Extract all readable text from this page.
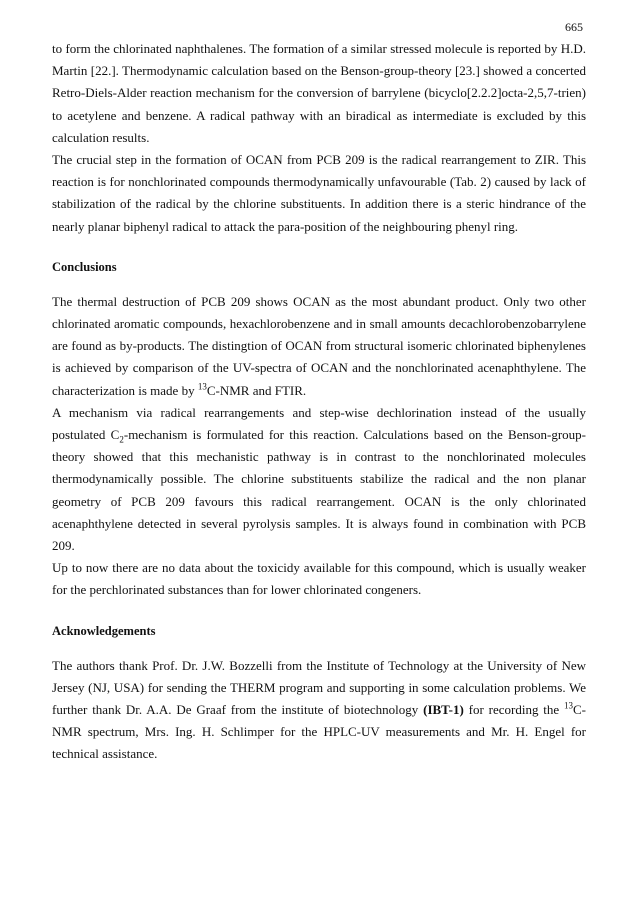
665

to form the chlorinated naphthalenes. The formation of a similar stressed molecule is reported by H.D. Martin [22.]. Thermodynamic calculation based on the Benson-group-theory [23.] showed a concerted Retro-Diels-Alder reaction mechanism for the conversion of barrylene (bicyclo[2.2.2]octa-2,5,7-trien) to acetylene and benzene. A radical pathway with an biradical as intermediate is excluded by this calculation results.

The crucial step in the formation of OCAN from PCB 209 is the radical rearrangement to ZIR. This reaction is for nonchlorinated compounds thermodynamically unfavourable (Tab. 2) caused by lack of stabilization of the radical by the chlorine substituents. In addition there is a steric hindrance of the nearly planar biphenyl radical to attack the para-position of the neighbouring phenyl ring.

Conclusions

The thermal destruction of PCB 209 shows OCAN as the most abundant product. Only two other chlorinated aromatic compounds, hexachlorobenzene and in small amounts decachlorobenzobarrylene are found as by-products. The distingtion of OCAN from structural isomeric chlorinated biphenylenes is achieved by comparison of the UV-spectra of OCAN and the nonchlorinated acenaphthylene. The characterization is made by $^{13}$C-NMR and FTIR.

A mechanism via radical rearrangements and step-wise dechlorination instead of the usually postulated $C_2$-mechanism is formulated for this reaction. Calculations based on the Benson-group-theory showed that this mechanistic pathway is in contrast to the nonchlorinated molecules thermodynamically possible. The chlorine substituents stabilize the radical and the non planar geometry of PCB 209 favours this radical rearrangement. OCAN is the only chlorinated acenaphthylene detected in several pyrolysis samples. It is always found in combination with PCB 209.

Up to now there are no data about the toxicidy available for this compound, which is usually weaker for the perchlorinated substances than for lower chlorinated congeners.

Acknowledgements

The authors thank Prof. Dr. J.W. Bozzelli from the Institute of Technology at the University of New Jersey (NJ, USA) for sending the THERM program and supporting in some calculation problems. We further thank Dr. A.A. De Graaf from the institute of biotechnology (IBT-1) for recording the $^{13}$C-NMR spectrum, Mrs. Ing. H. Schlimper for the HPLC-UV measurements and Mr. H. Engel for technical assistance.
